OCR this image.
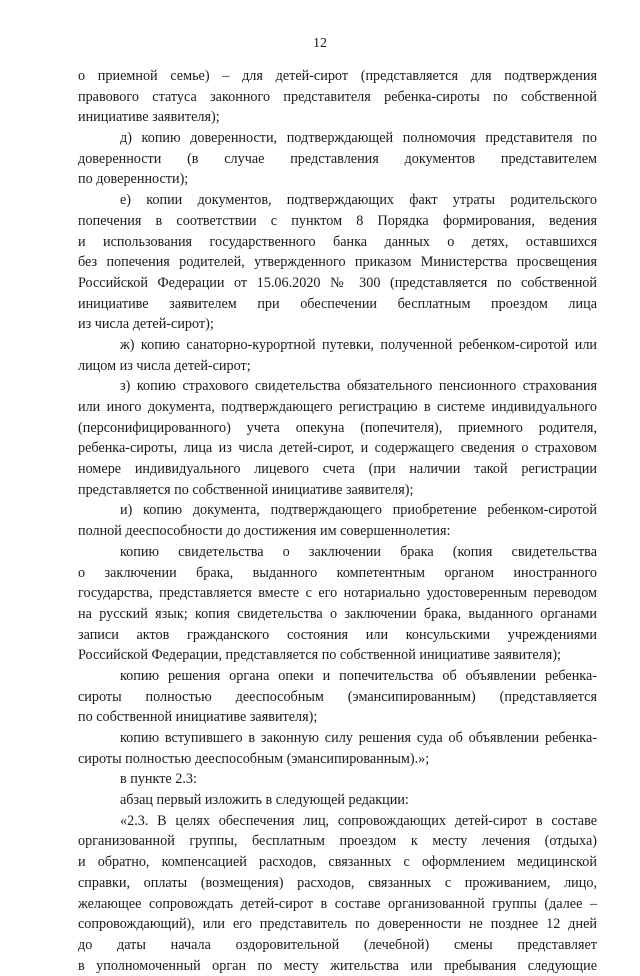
12
о приемной семье) – для детей-сирот (представляется для подтверждения
правового статуса законного представителя ребенка-сироты по собственной
инициативе заявителя);
д) копию доверенности, подтверждающей полномочия представителя по
доверенности (в случае представления документов представителем
по доверенности);
е) копии документов, подтверждающих факт утраты родительского
попечения в соответствии с пунктом 8 Порядка формирования, ведения
и использования государственного банка данных о детях, оставшихся
без попечения родителей, утвержденного приказом Министерства просвещения
Российской Федерации от 15.06.2020 № 300 (представляется по собственной
инициативе заявителем при обеспечении бесплатным проездом лица
из числа детей-сирот);
ж) копию санаторно-курортной путевки, полученной ребенком-сиротой или
лицом из числа детей-сирот;
з) копию страхового свидетельства обязательного пенсионного страхования
или иного документа, подтверждающего регистрацию в системе индивидуального
(персонифицированного) учета опекуна (попечителя), приемного родителя,
ребенка-сироты, лица из числа детей-сирот, и содержащего сведения о страховом
номере индивидуального лицевого счета (при наличии такой регистрации
представляется по собственной инициативе заявителя);
и) копию документа, подтверждающего приобретение ребенком-сиротой
полной дееспособности до достижения им совершеннолетия:
копию свидетельства о заключении брака (копия свидетельства
о заключении брака, выданного компетентным органом иностранного
государства, представляется вместе с его нотариально удостоверенным переводом
на русский язык; копия свидетельства о заключении брака, выданного органами
записи актов гражданского состояния или консульскими учреждениями
Российской Федерации, представляется по собственной инициативе заявителя);
копию решения органа опеки и попечительства об объявлении ребенка-
сироты полностью дееспособным (эмансипированным) (представляется
по собственной инициативе заявителя);
копию вступившего в законную силу решения суда об объявлении ребенка-
сироты полностью дееспособным (эмансипированным).»;
в пункте 2.3:
абзац первый изложить в следующей редакции:
«2.3. В целях обеспечения лиц, сопровождающих детей-сирот в составе
организованной группы, бесплатным проездом к месту лечения (отдыха)
и обратно, компенсацией расходов, связанных с оформлением медицинской
справки, оплаты (возмещения) расходов, связанных с проживанием, лицо,
желающее сопровождать детей-сирот в составе организованной группы (далее –
сопровождающий), или его представитель по доверенности не позднее 12 дней
до даты начала оздоровительной (лечебной) смены представляет
в уполномоченный орган по месту жительства или пребывания следующие
